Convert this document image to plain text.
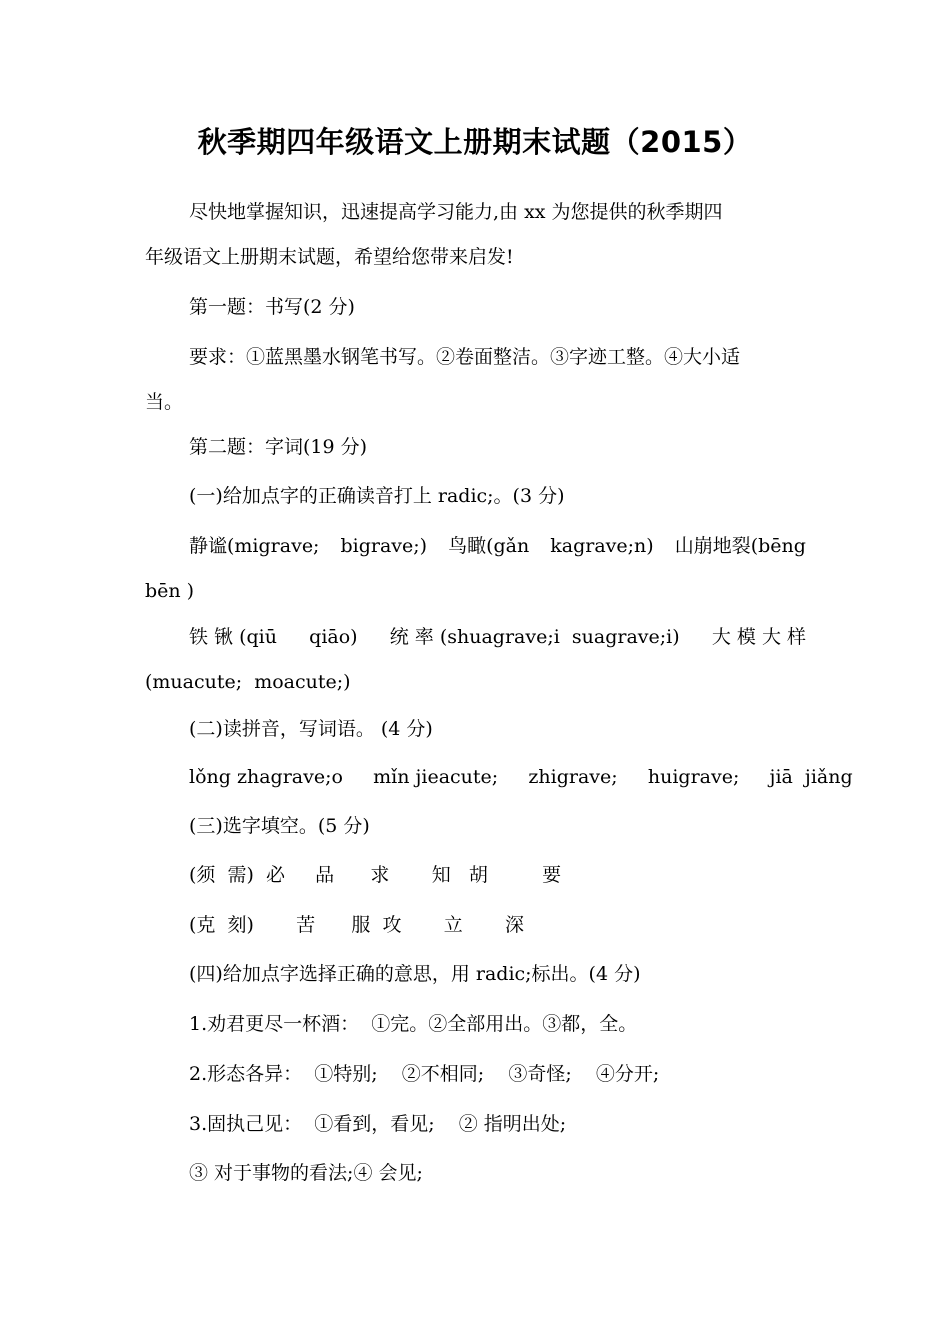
秋季期四年级语文上册期末试题（2015）
尽快地掌握知识，迅速提高学习能力,由 xx 为您提供的秋季期四
年级语文上册期末试题，希望给您带来启发!
第一题：书写(2 分)
要求：①蓝黑墨水钢笔书写。②卷面整洁。③字迹工整。④大小适
当。
第二题：字词(19 分)
(一)给加点字的正确读音打上 radic;。(3 分)
静谧(migrave; bigrave;) 鸟瞰(gǎn kagrave;n) 山崩地裂(bēng
bēn )
铁 锹 (qiū qiāo) 统 率 (shuagrave;i  suagrave;i) 大 模 大 样
(muacute;  moacute;)
(二)读拼音，写词语。 (4 分)
lǒng zhagrave;o     mǐn jieacute;     zhigrave;     huigrave;     jiā  jiǎng
(三)选字填空。(5 分)
(须  需)  必     品      求       知   胡         要
(克  刻)       苦      服  攻       立       深
(四)给加点字选择正确的意思，用 radic;标出。(4 分)
1.劝君更尽一杯酒：  ①完。②全部用出。③都，全。
2.形态各异：  ①特别;    ②不相同;    ③奇怪;    ④分开;
3.固执己见：  ①看到，看见;    ② 指明出处;
③ 对于事物的看法;④ 会见;
